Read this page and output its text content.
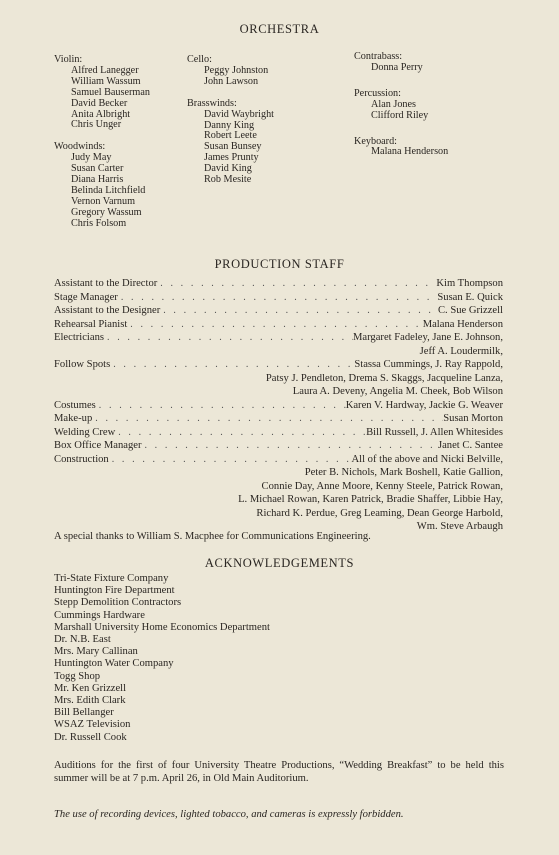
ORCHESTRA
Violin:
Alfred Lanegger
William Wassum
Samuel Bauserman
David Becker
Anita Albright
Chris Unger
Woodwinds:
Judy May
Susan Carter
Diana Harris
Belinda Litchfield
Vernon Varnum
Gregory Wassum
Chris Folsom
Cello:
Peggy Johnston
John Lawson
Brasswinds:
David Waybright
Danny King
Robert Leete
Susan Bunsey
James Prunty
David King
Rob Mesite
Contrabass:
Donna Perry
Percussion:
Alan Jones
Clifford Riley
Keyboard:
Malana Henderson
PRODUCTION STAFF
Assistant to the Director . . .	Kim Thompson
Stage Manager . . .	Susan E. Quick
Assistant to the Designer . . .	C. Sue Grizzell
Rehearsal Pianist . . .	Malana Henderson
Electricians . . .	Margaret Fadeley, Jane E. Johnson,
Jeff A. Loudermilk,
Follow Spots . . .	Stassa Cummings, J. Ray Rappold,
Patsy J. Pendleton, Drema S. Skaggs, Jacqueline Lanza,
Laura A. Deveny, Angelia M. Cheek, Bob Wilson
Costumes . . .	Karen V. Hardway, Jackie G. Weaver
Make-up . . .	Susan Morton
Welding Crew . . .	Bill Russell, J. Allen Whitesides
Box Office Manager . . .	Janet C. Santee
Construction . . .	All of the above and Nicki Belville,
Peter B. Nichols, Mark Boshell, Katie Gallion,
Connie Day, Anne Moore, Kenny Steele, Patrick Rowan,
L. Michael Rowan, Karen Patrick, Bradie Shaffer, Libbie Hay,
Richard K. Perdue, Greg Leaming, Dean George Harbold,
Wm. Steve Arbaugh
A special thanks to William S. Macphee for Communications Engineering.
ACKNOWLEDGEMENTS
Tri-State Fixture Company
Huntington Fire Department
Stepp Demolition Contractors
Cummings Hardware
Marshall University Home Economics Department
Dr. N.B. East
Mrs. Mary Callinan
Huntington Water Company
Togg Shop
Mr. Ken Grizzell
Mrs. Edith Clark
Bill Bellanger
WSAZ Television
Dr. Russell Cook
Auditions for the first of four University Theatre Productions, “Wedding Breakfast” to be held this summer will be at 7 p.m. April 26, in Old Main Auditorium.
The use of recording devices, lighted tobacco, and cameras is expressly forbidden.
